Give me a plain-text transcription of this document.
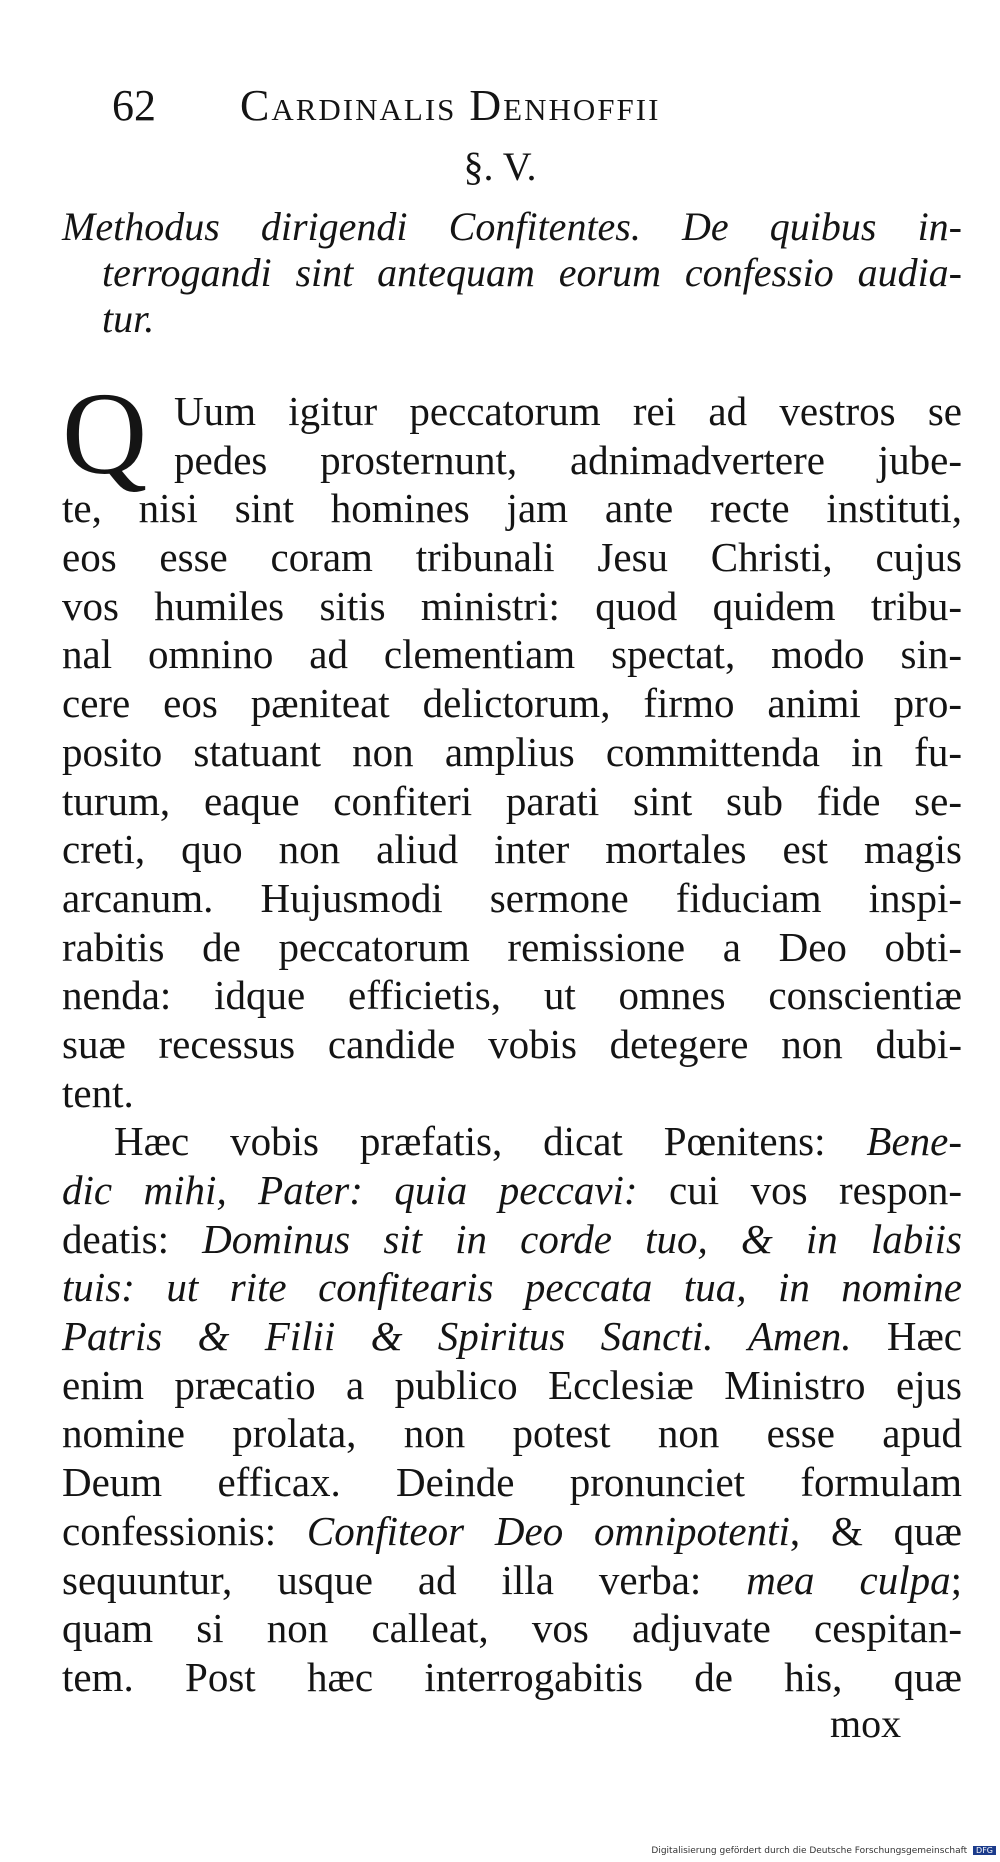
62 Cardinalis Denhoffii
§. V.
Methodus dirigendi Confitentes. De quibus in-
terrogandi sint antequam eorum confessio audia-
tur.
Q Uum igitur peccatorum rei ad vestros se
pedes prosternunt, adnimadvertere jube-
te, nisi sint homines jam ante recte instituti,
eos esse coram tribunali Jesu Christi, cujus
vos humiles sitis ministri: quod quidem tribu-
nal omnino ad clementiam spectat, modo sin-
cere eos pæniteat delictorum, firmo animi pro-
posito statuant non amplius committenda in fu-
turum, eaque confiteri parati sint sub fide se-
creti, quo non aliud inter mortales est magis
arcanum. Hujusmodi sermone fiduciam inspi-
rabitis de peccatorum remissione a Deo obti-
nenda: idque efficietis, ut omnes conscientiæ
suæ recessus candide vobis detegere non dubi-
tent.
Hæc vobis præfatis, dicat Pœnitens: Bene-
dic mihi, Pater: quia peccavi: cui vos respon-
deatis: Dominus sit in corde tuo, & in labiis
tuis: ut rite confitearis peccata tua, in nomine
Patris & Filii & Spiritus Sancti. Amen. Hæc
enim præcatio a publico Ecclesiæ Ministro ejus
nomine prolata, non potest non esse apud
Deum efficax. Deinde pronunciet formulam
confessionis: Confiteor Deo omnipotenti, & quæ
sequuntur, usque ad illa verba: mea culpa;
quam si non calleat, vos adjuvate cespitan-
tem. Post hæc interrogabitis de his, quæ
mox
Digitalisierung gefördert durch die Deutsche Forschungsgemeinschaft DFG
